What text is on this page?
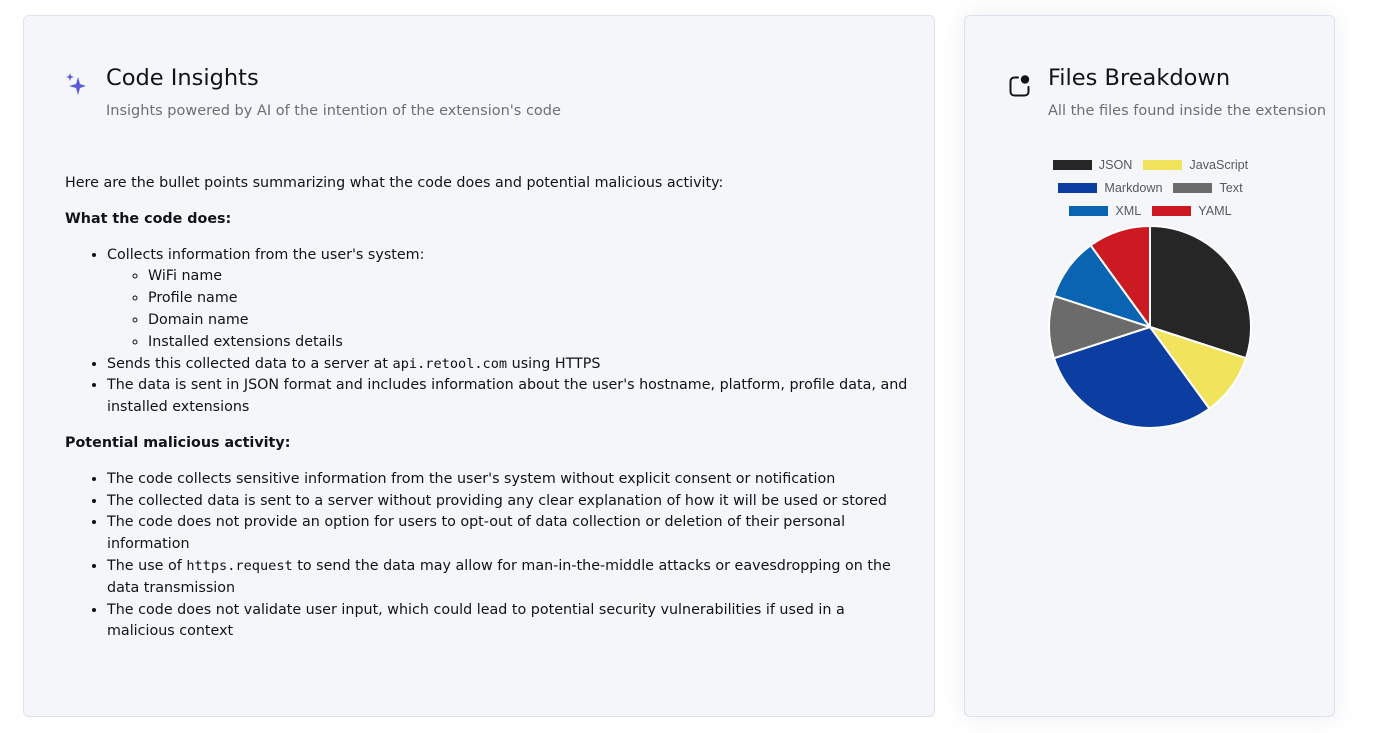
Code Insights

Insights powered by AI of the intention of the extension's code

Here are the bullet points summarizing what the code does and potential malicious activity:

What the code does:

• Collects information from the user's system:
◦ WiFi name
◦ Profile name
◦ Domain name
◦ Installed extensions details
• Sends this collected data to a server at api.retool.com using HTTPS
• The data is sent in JSON format and includes information about the user's hostname, platform, profile data, and installed extensions

Potential malicious activity:

• The code collects sensitive information from the user's system without explicit consent or notification
• The collected data is sent to a server without providing any clear explanation of how it will be used or stored
• The code does not provide an option for users to opt-out of data collection or deletion of their personal information
• The use of https.request to send the data may allow for man-in-the-middle attacks or eavesdropping on the data transmission
• The code does not validate user input, which could lead to potential security vulnerabilities if used in a malicious context
Files Breakdown

All the files found inside the extension

JSON	JavaScript
Markdown	Text
XML	YAML
